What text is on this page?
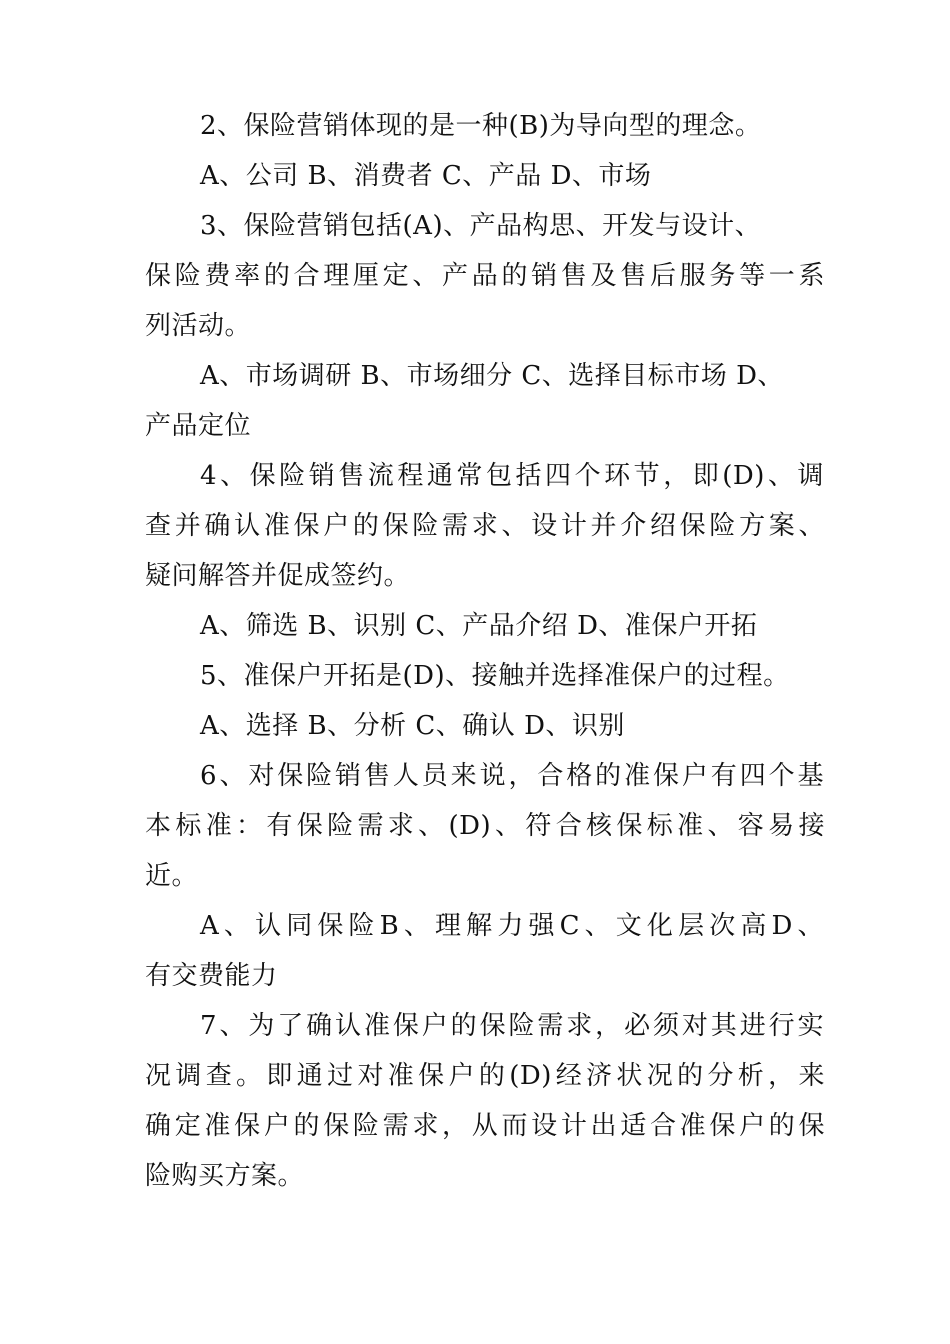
2、保险营销体现的是一种(B)为导向型的理念。
A、公司 B、消费者 C、产品 D、市场
3、保险营销包括(A)、产品构思、开发与设计、
保险费率的合理厘定、产品的销售及售后服务等一系
列活动。
A、市场调研 B、市场细分 C、选择目标市场 D、
产品定位
4、保险销售流程通常包括四个环节，即(D)、调
查并确认准保户的保险需求、设计并介绍保险方案、
疑问解答并促成签约。
A、筛选 B、识别 C、产品介绍 D、准保户开拓
5、准保户开拓是(D)、接触并选择准保户的过程。
A、选择 B、分析 C、确认 D、识别
6、对保险销售人员来说，合格的准保户有四个基
本标准：有保险需求、(D)、符合核保标准、容易接
近。
A、认同保险B、理解力强C、文化层次高D、
有交费能力
7、为了确认准保户的保险需求，必须对其进行实
况调查。即通过对准保户的(D)经济状况的分析，来
确定准保户的保险需求，从而设计出适合准保户的保
险购买方案。
